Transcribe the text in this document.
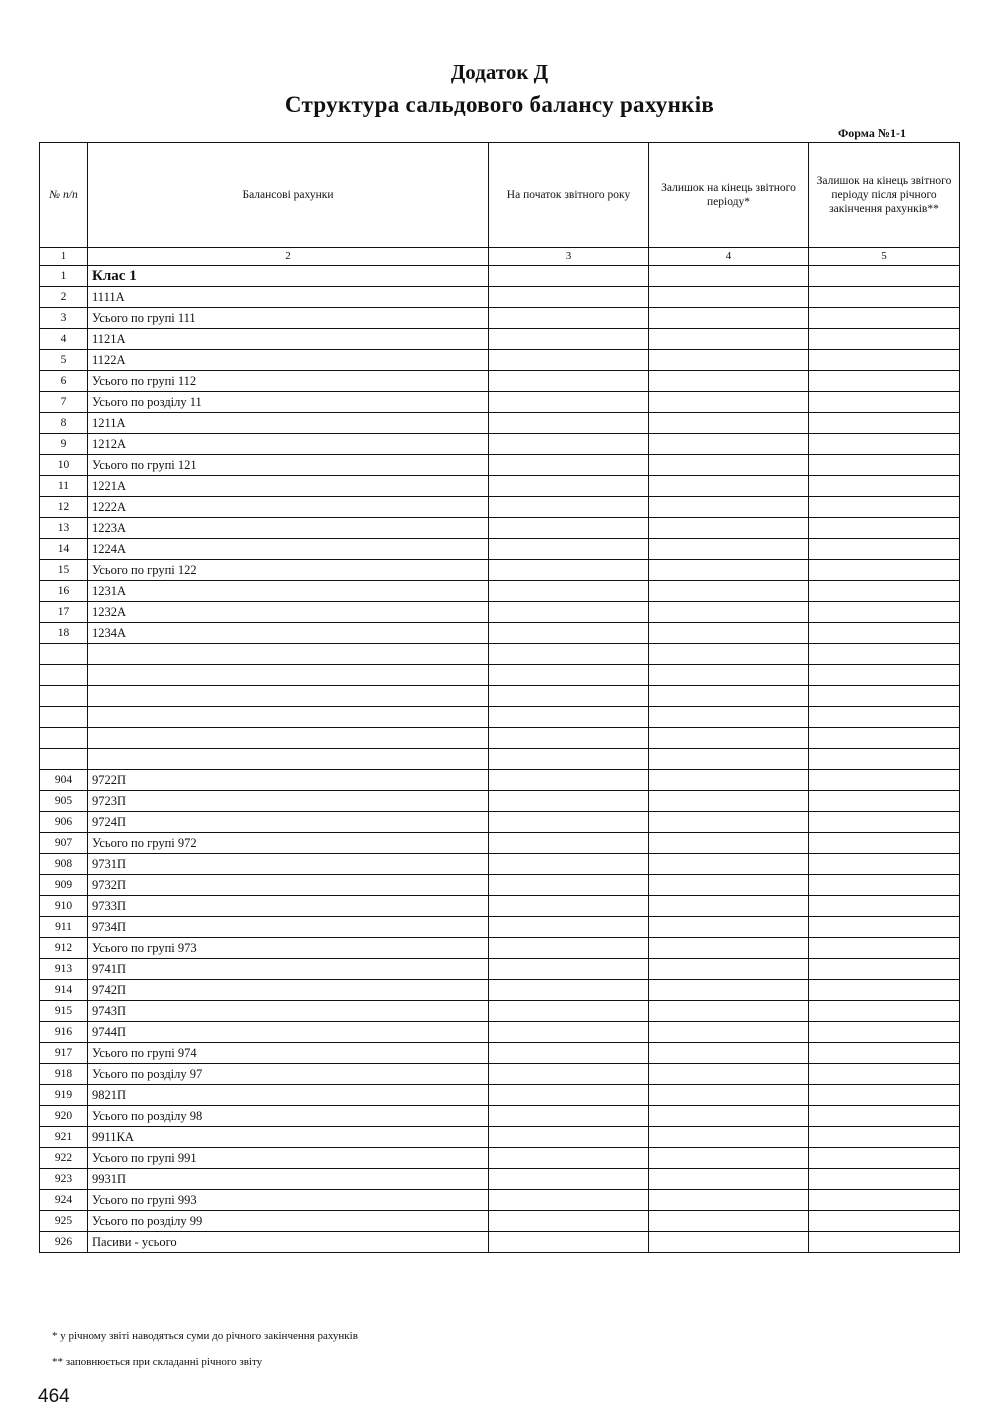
Додаток Д
Структура сальдового балансу рахунків
Форма №1-1
№ п/п	Балансові рахунки	На початок звітного року	Залишок на кінець звітного періоду*	Залишок на кінець звітного періоду після річного закінчення рахунків**
1	2	3	4	5
1	Клас 1			
2	1111А			
3	Усього по групі 111			
4	1121А			
5	1122А			
6	Усього по групі 112			
7	Усього по розділу 11			
8	1211А			
9	1212А			
10	Усього по групі 121			
11	1221А			
12	1222А			
13	1223А			
14	1224А			
15	Усього по групі 122			
16	1231А			
17	1232А			
18	1234А			

904	9722П			
905	9723П			
906	9724П			
907	Усього по групі 972			
908	9731П			
909	9732П			
910	9733П			
911	9734П			
912	Усього по групі 973			
913	9741П			
914	9742П			
915	9743П			
916	9744П			
917	Усього по групі 974			
918	Усього по розділу 97			
919	9821П			
920	Усього по розділу 98			
921	9911КА			
922	Усього по групі 991			
923	9931П			
924	Усього по групі 993			
925	Усього по розділу 99			
926	Пасиви - усього			
* у річному звіті наводяться суми до річного закінчення рахунків
** заповнюється при складанні річного звіту
464
